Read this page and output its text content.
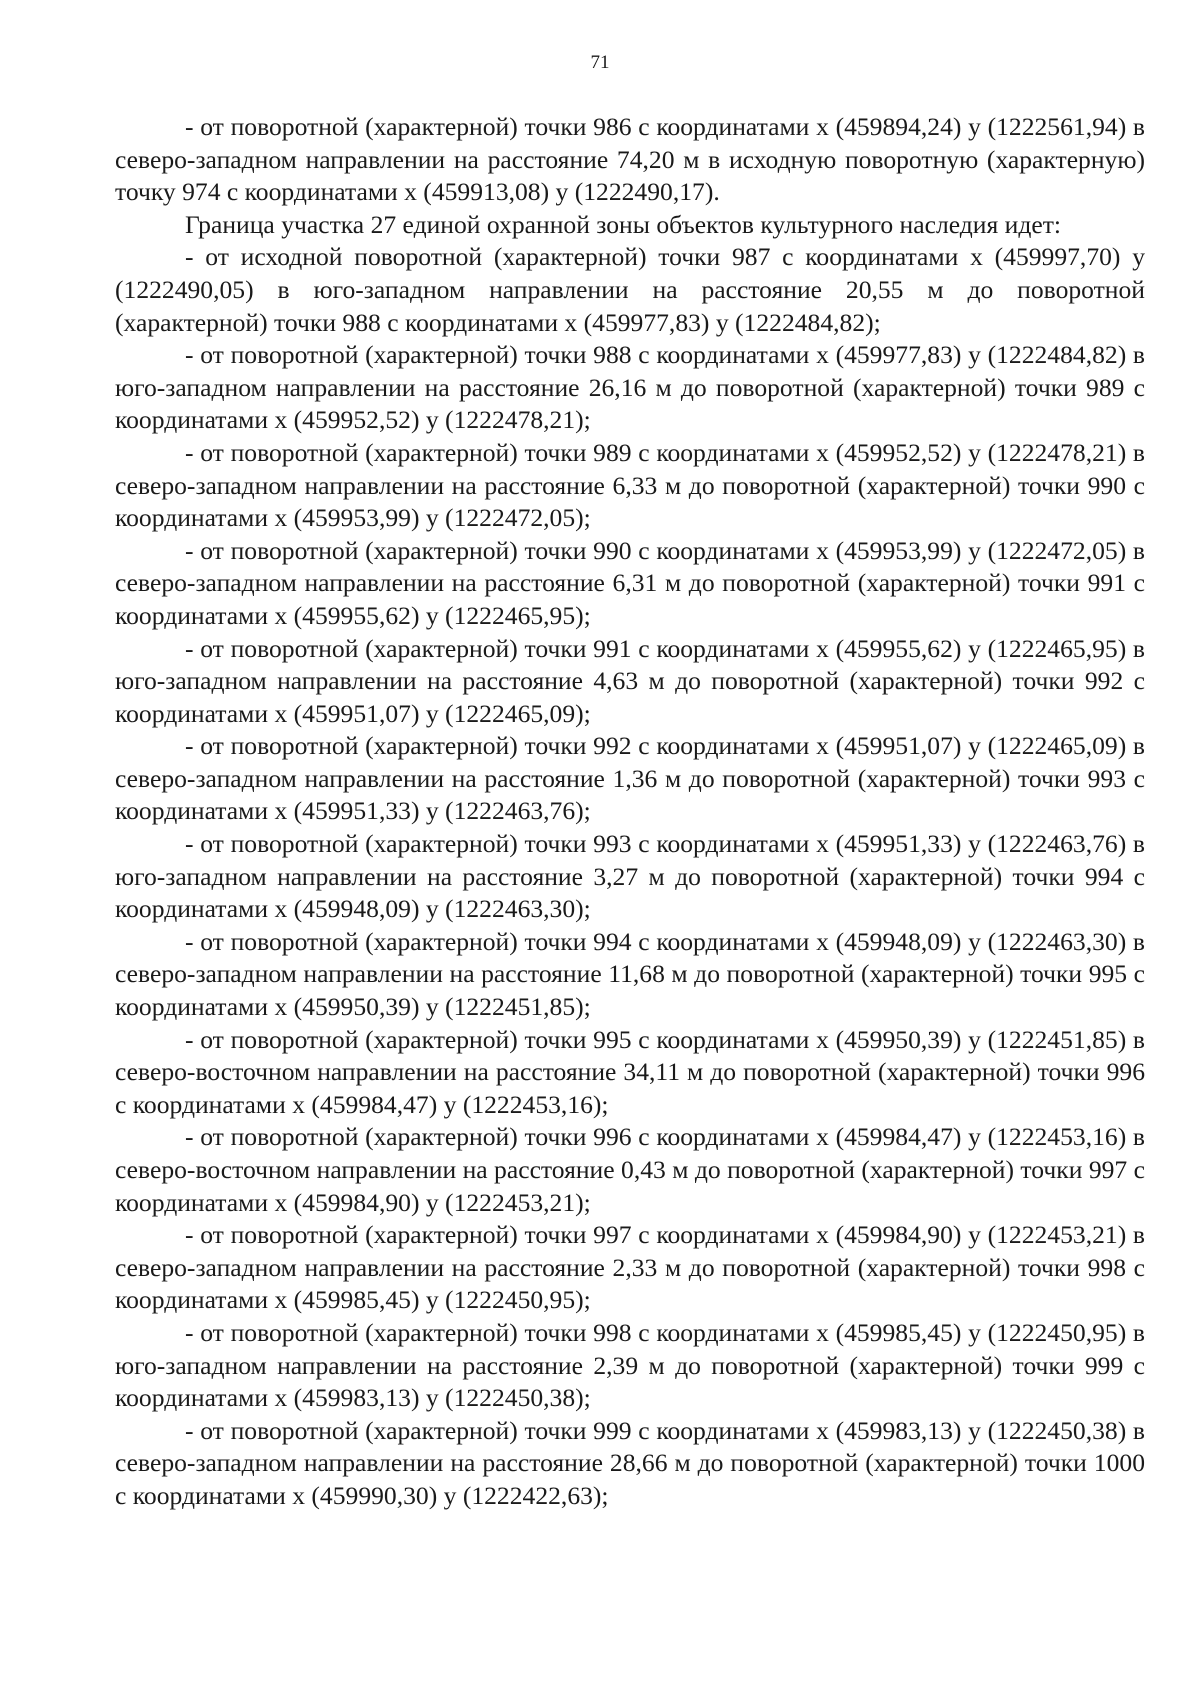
71

- от поворотной (характерной) точки 986 с координатами х (459894,24) у (1222561,94) в северо-западном направлении на расстояние 74,20 м в исходную поворотную (характерную) точку 974 с координатами х (459913,08) у (1222490,17).

Граница участка 27 единой охранной зоны объектов культурного наследия идет:

- от исходной поворотной (характерной) точки 987 с координатами х (459997,70) у (1222490,05) в юго-западном направлении на расстояние 20,55 м до поворотной (характерной) точки 988 с координатами х (459977,83) у (1222484,82);

- от поворотной (характерной) точки 988 с координатами х (459977,83) у (1222484,82) в юго-западном направлении на расстояние 26,16 м до поворотной (характерной) точки 989 с координатами х (459952,52) у (1222478,21);

- от поворотной (характерной) точки 989 с координатами х (459952,52) у (1222478,21) в северо-западном направлении на расстояние 6,33 м до поворотной (характерной) точки 990 с координатами х (459953,99) у (1222472,05);

- от поворотной (характерной) точки 990 с координатами х (459953,99) у (1222472,05) в северо-западном направлении на расстояние 6,31 м до поворотной (характерной) точки 991 с координатами х (459955,62) у (1222465,95);

- от поворотной (характерной) точки 991 с координатами х (459955,62) у (1222465,95) в юго-западном направлении на расстояние 4,63 м до поворотной (характерной) точки 992 с координатами х (459951,07) у (1222465,09);

- от поворотной (характерной) точки 992 с координатами х (459951,07) у (1222465,09) в северо-западном направлении на расстояние 1,36 м до поворотной (характерной) точки 993 с координатами х (459951,33) у (1222463,76);

- от поворотной (характерной) точки 993 с координатами х (459951,33) у (1222463,76) в юго-западном направлении на расстояние 3,27 м до поворотной (характерной) точки 994 с координатами х (459948,09) у (1222463,30);

- от поворотной (характерной) точки 994 с координатами х (459948,09) у (1222463,30) в северо-западном направлении на расстояние 11,68 м до поворотной (характерной) точки 995 с координатами х (459950,39) у (1222451,85);

- от поворотной (характерной) точки 995 с координатами х (459950,39) у (1222451,85) в северо-восточном направлении на расстояние 34,11 м до поворотной (характерной) точки 996 с координатами х (459984,47) у (1222453,16);

- от поворотной (характерной) точки 996 с координатами х (459984,47) у (1222453,16) в северо-восточном направлении на расстояние 0,43 м до поворотной (характерной) точки 997 с координатами х (459984,90) у (1222453,21);

- от поворотной (характерной) точки 997 с координатами х (459984,90) у (1222453,21) в северо-западном направлении на расстояние 2,33 м до поворотной (характерной) точки 998 с координатами х (459985,45) у (1222450,95);

- от поворотной (характерной) точки 998 с координатами х (459985,45) у (1222450,95) в юго-западном направлении на расстояние 2,39 м до поворотной (характерной) точки 999 с координатами х (459983,13) у (1222450,38);

- от поворотной (характерной) точки 999 с координатами х (459983,13) у (1222450,38) в северо-западном направлении на расстояние 28,66 м до поворотной (характерной) точки 1000 с координатами х (459990,30) у (1222422,63);
